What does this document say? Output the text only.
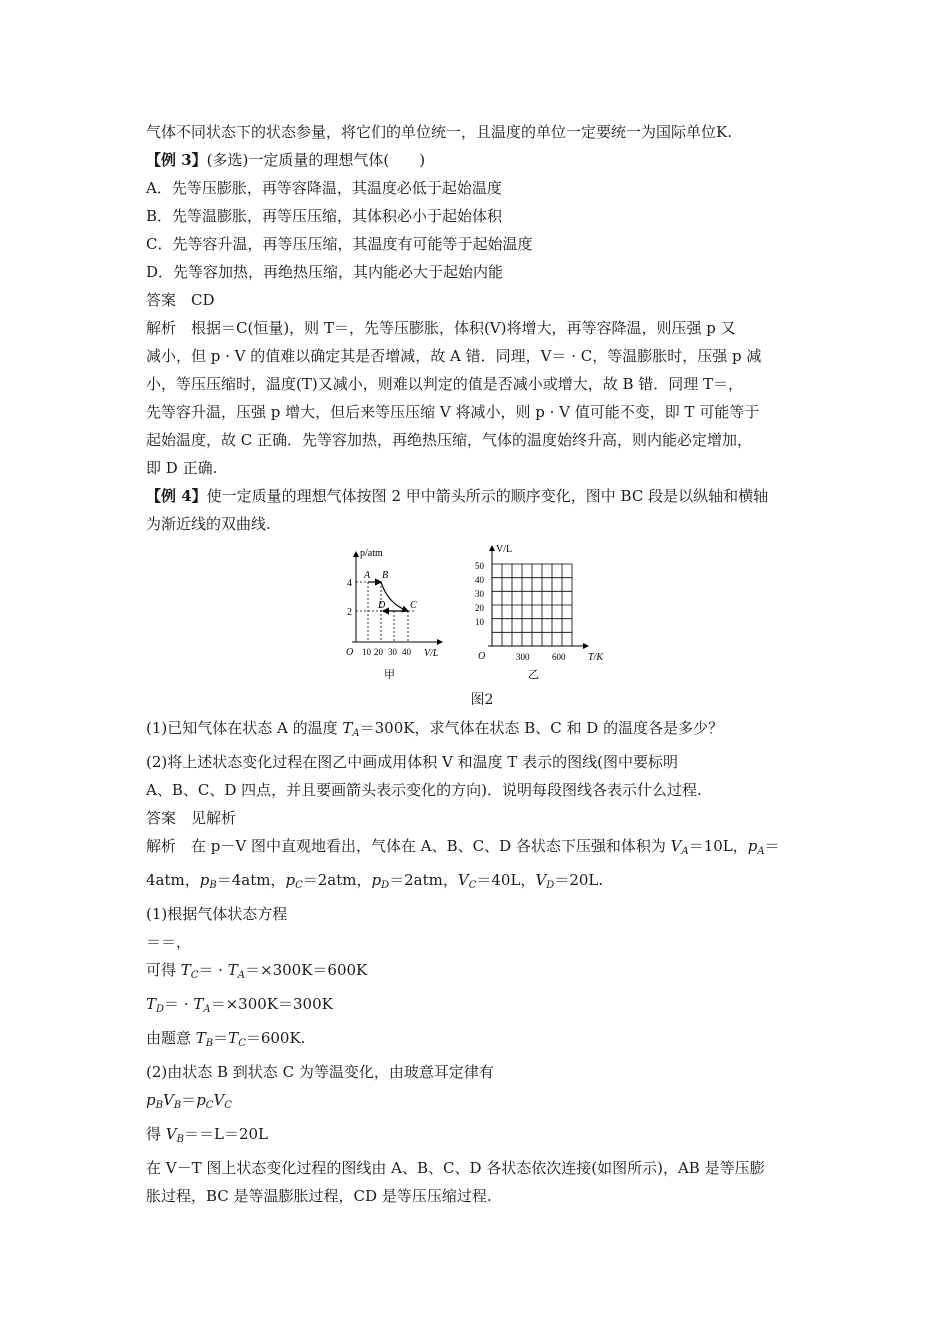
气体不同状态下的状态参量，将它们的单位统一，且温度的单位一定要统一为国际单位K.
【例 3】(多选)一定质量的理想气体(　　)
A．先等压膨胀，再等容降温，其温度必低于起始温度
B．先等温膨胀，再等压压缩，其体积必小于起始体积
C．先等容升温，再等压压缩，其温度有可能等于起始温度
D．先等容加热，再绝热压缩，其内能必大于起始内能
答案　CD
解析　根据＝C(恒量)，则 T＝，先等压膨胀，体积(V)将增大，再等容降温，则压强 p 又
减小，但 p · V 的值难以确定其是否增减，故 A 错．同理，V＝ · C，等温膨胀时，压强 p 减
小，等压压缩时，温度(T)又减小，则难以判定的值是否减小或增大，故 B 错．同理 T＝，
先等容升温，压强 p 增大，但后来等压压缩 V 将减小，则 p · V 值可能不变，即 T 可能等于
起始温度，故 C 正确．先等容加热，再绝热压缩，气体的温度始终升高，则内能必定增加，
即 D 正确.
【例 4】使一定质量的理想气体按图 2 甲中箭头所示的顺序变化，图中 BC 段是以纵轴和横轴
为渐近线的双曲线.
p/atm
V/L
O
4
2
10 20 30 40
A B
C
D
甲
V/L
T/K
O
50
40
30
20
10
300	600
乙
图2
(1)已知气体在状态 A 的温度 $T_A=300K$，求气体在状态 B、C 和 D 的温度各是多少？
(2)将上述状态变化过程在图乙中画成用体积 V 和温度 T 表示的图线(图中要标明
A、B、C、D 四点，并且要画箭头表示变化的方向)．说明每段图线各表示什么过程.
答案　见解析
解析　在 p－V 图中直观地看出，气体在 A、B、C、D 各状态下压强和体积为 $V_A=10L$，$p_A=$
4atm，$p_B=4atm$，$p_C=2atm$，$p_D=2atm$，$V_C=40L$，$V_D=20L$.
(1)根据气体状态方程
＝＝，
可得 $T_C= \cdot T_A=\times 300K=600K$
$T_D= \cdot T_A=\times 300K=300K$
由题意 $T_B=T_C=600K$.
(2)由状态 B 到状态 C 为等温变化，由玻意耳定律有
$p_BV_B=p_CV_C$
得 $V_B==L=20L$
在 V－T 图上状态变化过程的图线由 A、B、C、D 各状态依次连接(如图所示)，AB 是等压膨
胀过程，BC 是等温膨胀过程，CD 是等压压缩过程.
